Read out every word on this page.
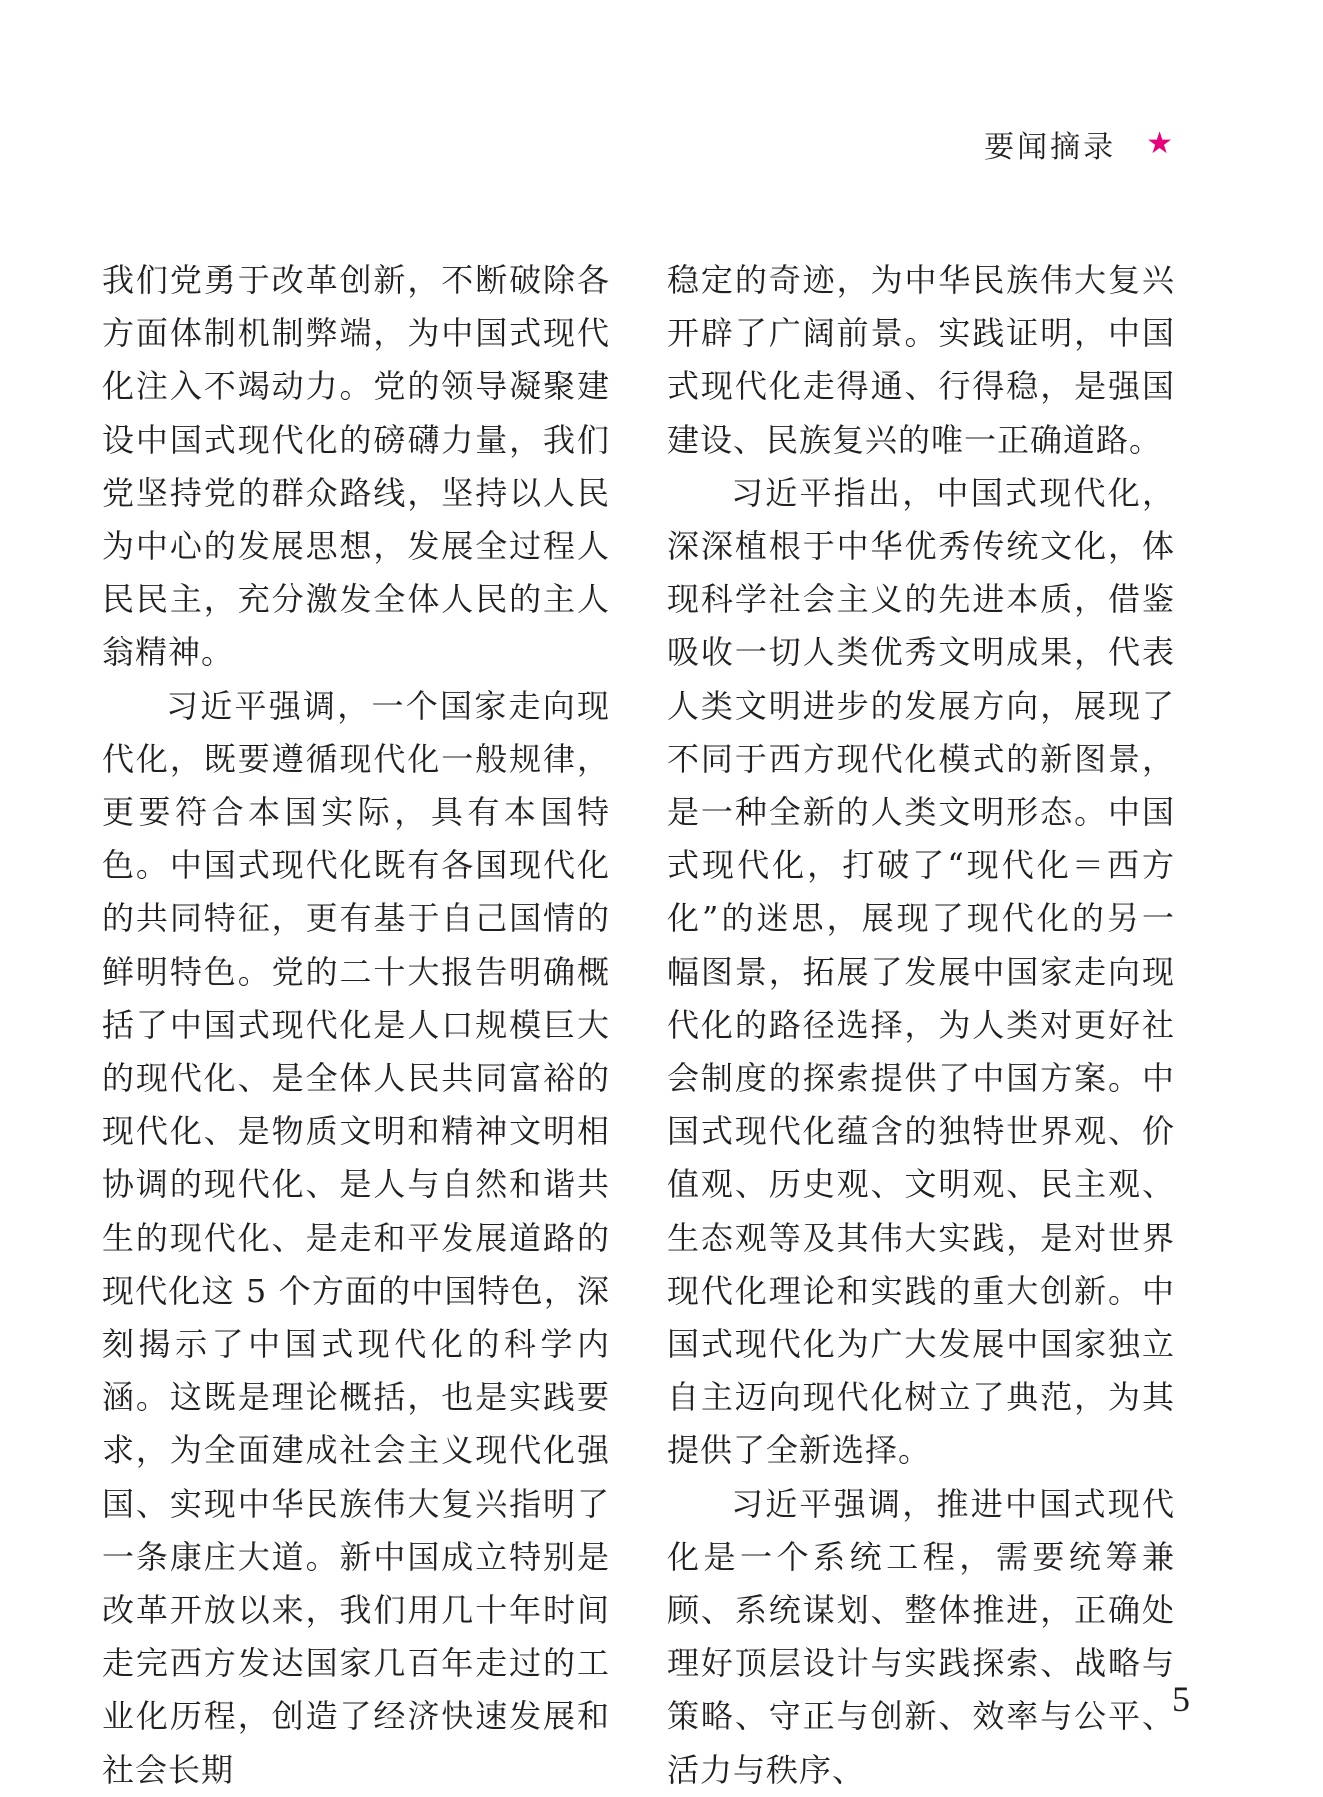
要闻摘录 ★

我们党勇于改革创新，不断破除各方面体制机制弊端，为中国式现代化注入不竭动力。党的领导凝聚建设中国式现代化的磅礴力量，我们党坚持党的群众路线，坚持以人民为中心的发展思想，发展全过程人民民主，充分激发全体人民的主人翁精神。

习近平强调，一个国家走向现代化，既要遵循现代化一般规律，更要符合本国实际，具有本国特色。中国式现代化既有各国现代化的共同特征，更有基于自己国情的鲜明特色。党的二十大报告明确概括了中国式现代化是人口规模巨大的现代化、是全体人民共同富裕的现代化、是物质文明和精神文明相协调的现代化、是人与自然和谐共生的现代化、是走和平发展道路的现代化这 5 个方面的中国特色，深刻揭示了中国式现代化的科学内涵。这既是理论概括，也是实践要求，为全面建成社会主义现代化强国、实现中华民族伟大复兴指明了一条康庄大道。新中国成立特别是改革开放以来，我们用几十年时间走完西方发达国家几百年走过的工业化历程，创造了经济快速发展和社会长期

稳定的奇迹，为中华民族伟大复兴开辟了广阔前景。实践证明，中国式现代化走得通、行得稳，是强国建设、民族复兴的唯一正确道路。

习近平指出，中国式现代化，深深植根于中华优秀传统文化，体现科学社会主义的先进本质，借鉴吸收一切人类优秀文明成果，代表人类文明进步的发展方向，展现了不同于西方现代化模式的新图景，是一种全新的人类文明形态。中国式现代化，打破了“现代化＝西方化”的迷思，展现了现代化的另一幅图景，拓展了发展中国家走向现代化的路径选择，为人类对更好社会制度的探索提供了中国方案。中国式现代化蕴含的独特世界观、价值观、历史观、文明观、民主观、生态观等及其伟大实践，是对世界现代化理论和实践的重大创新。中国式现代化为广大发展中国家独立自主迈向现代化树立了典范，为其提供了全新选择。

习近平强调，推进中国式现代化是一个系统工程，需要统筹兼顾、系统谋划、整体推进，正确处理好顶层设计与实践探索、战略与策略、守正与创新、效率与公平、活力与秩序、

5
